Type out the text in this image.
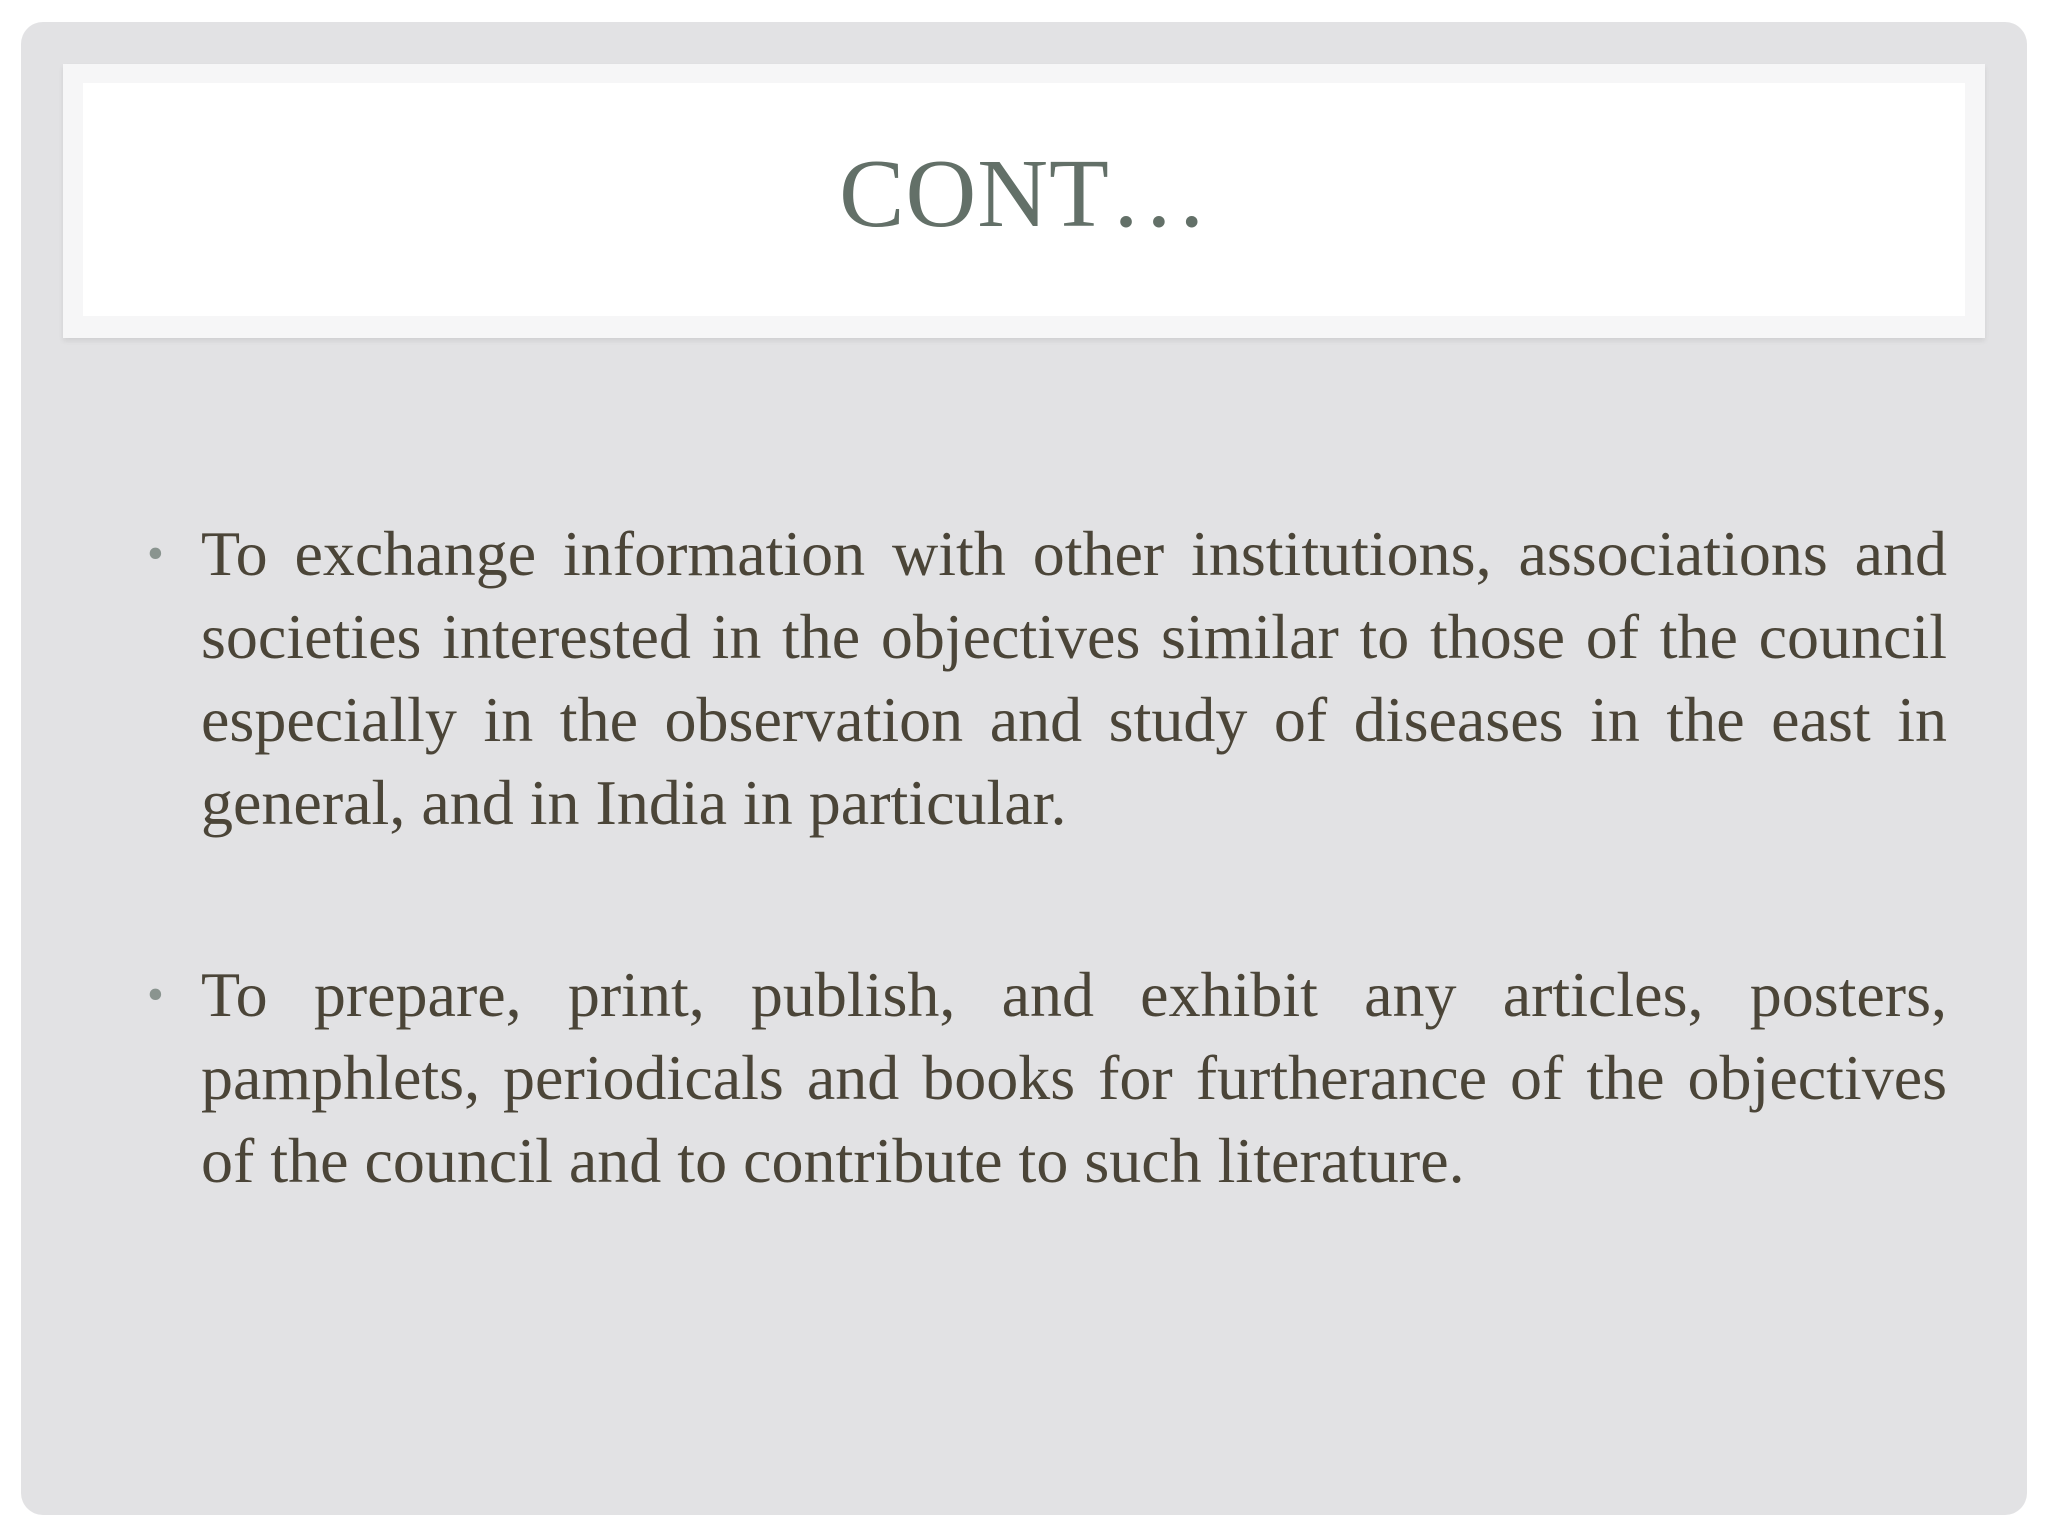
CONT…
• To exchange information with other institutions, associations and societies interested in the objectives similar to those of the council especially in the observation and study of diseases in the east in general, and in India in particular.
• To prepare, print, publish, and exhibit any articles, posters, pamphlets, periodicals and books for furtherance of the objectives of the council and to contribute to such literature.
